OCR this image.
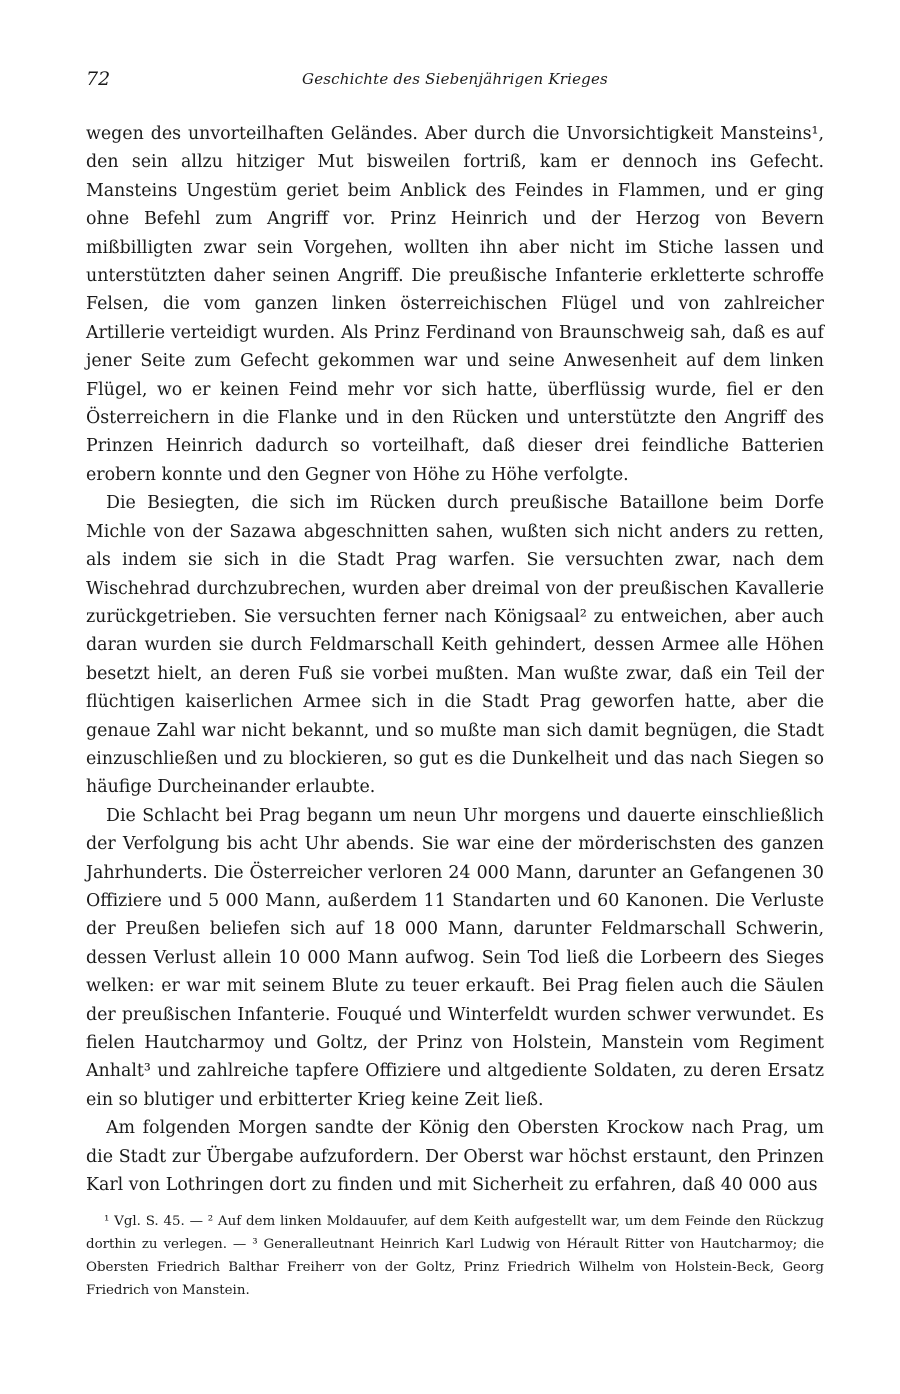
72	Geschichte des Siebenjährigen Krieges

wegen des unvorteilhaften Geländes. Aber durch die Unvorsichtigkeit Mansteins¹, den sein allzu hitziger Mut bisweilen fortriß, kam er dennoch ins Gefecht. Mansteins Ungestüm geriet beim Anblick des Feindes in Flammen, und er ging ohne Befehl zum Angriff vor. Prinz Heinrich und der Herzog von Bevern mißbilligten zwar sein Vorgehen, wollten ihn aber nicht im Stiche lassen und unterstützten daher seinen Angriff. Die preußische Infanterie erkletterte schroffe Felsen, die vom ganzen linken österreichischen Flügel und von zahlreicher Artillerie verteidigt wurden. Als Prinz Ferdinand von Braunschweig sah, daß es auf jener Seite zum Gefecht gekommen war und seine Anwesenheit auf dem linken Flügel, wo er keinen Feind mehr vor sich hatte, überflüssig wurde, fiel er den Österreichern in die Flanke und in den Rücken und unterstützte den Angriff des Prinzen Heinrich dadurch so vorteilhaft, daß dieser drei feindliche Batterien erobern konnte und den Gegner von Höhe zu Höhe verfolgte.

Die Besiegten, die sich im Rücken durch preußische Bataillone beim Dorfe Michle von der Sazawa abgeschnitten sahen, wußten sich nicht anders zu retten, als indem sie sich in die Stadt Prag warfen. Sie versuchten zwar, nach dem Wischehrad durchzubrechen, wurden aber dreimal von der preußischen Kavallerie zurückgetrieben. Sie versuchten ferner nach Königsaal² zu entweichen, aber auch daran wurden sie durch Feldmarschall Keith gehindert, dessen Armee alle Höhen besetzt hielt, an deren Fuß sie vorbei mußten. Man wußte zwar, daß ein Teil der flüchtigen kaiserlichen Armee sich in die Stadt Prag geworfen hatte, aber die genaue Zahl war nicht bekannt, und so mußte man sich damit begnügen, die Stadt einzuschließen und zu blockieren, so gut es die Dunkelheit und das nach Siegen so häufige Durcheinander erlaubte.

Die Schlacht bei Prag begann um neun Uhr morgens und dauerte einschließlich der Verfolgung bis acht Uhr abends. Sie war eine der mörderischsten des ganzen Jahrhunderts. Die Österreicher verloren 24 000 Mann, darunter an Gefangenen 30 Offiziere und 5 000 Mann, außerdem 11 Standarten und 60 Kanonen. Die Verluste der Preußen beliefen sich auf 18 000 Mann, darunter Feldmarschall Schwerin, dessen Verlust allein 10 000 Mann aufwog. Sein Tod ließ die Lorbeern des Sieges welken: er war mit seinem Blute zu teuer erkauft. Bei Prag fielen auch die Säulen der preußischen Infanterie. Fouqué und Winterfeldt wurden schwer verwundet. Es fielen Hautcharmoy und Goltz, der Prinz von Holstein, Manstein vom Regiment Anhalt³ und zahlreiche tapfere Offiziere und altgediente Soldaten, zu deren Ersatz ein so blutiger und erbitterter Krieg keine Zeit ließ.

Am folgenden Morgen sandte der König den Obersten Krockow nach Prag, um die Stadt zur Übergabe aufzufordern. Der Oberst war höchst erstaunt, den Prinzen Karl von Lothringen dort zu finden und mit Sicherheit zu erfahren, daß 40 000 aus

¹ Vgl. S. 45. — ² Auf dem linken Moldauufer, auf dem Keith aufgestellt war, um dem Feinde den Rückzug dorthin zu verlegen. — ³ Generalleutnant Heinrich Karl Ludwig von Hérault Ritter von Hautcharmoy; die Obersten Friedrich Balthar Freiherr von der Goltz, Prinz Friedrich Wilhelm von Holstein-Beck, Georg Friedrich von Manstein.
